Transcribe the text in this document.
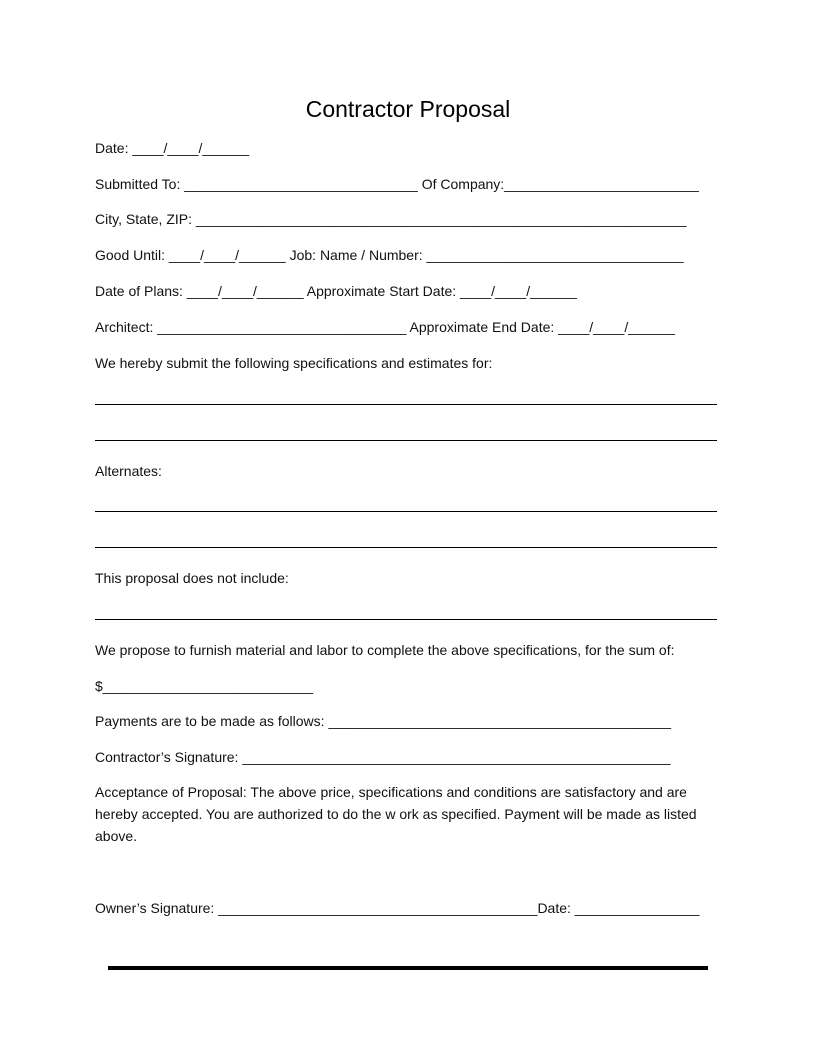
Contractor Proposal
Date: ____/____/______
Submitted To: ______________________________ Of Company:_________________________
City, State, ZIP: _______________________________________________________________
Good Until: ____/____/______ Job: Name / Number: _________________________________
Date of Plans: ____/____/______ Approximate Start Date: ____/____/______
Architect: ________________________________ Approximate End Date: ____/____/______
We hereby submit the following specifications and estimates for:
Alternates:
This proposal does not include:
We propose to furnish material and labor to complete the above specifications, for the sum of:
$___________________________
Payments are to be made as follows: ____________________________________________
Contractor’s Signature: _______________________________________________________
Acceptance of Proposal: The above price, specifications and conditions are satisfactory and are hereby accepted. You are authorized to do the w ork as specified. Payment will be made as listed above.
Owner’s Signature: _________________________________________Date: ________________
